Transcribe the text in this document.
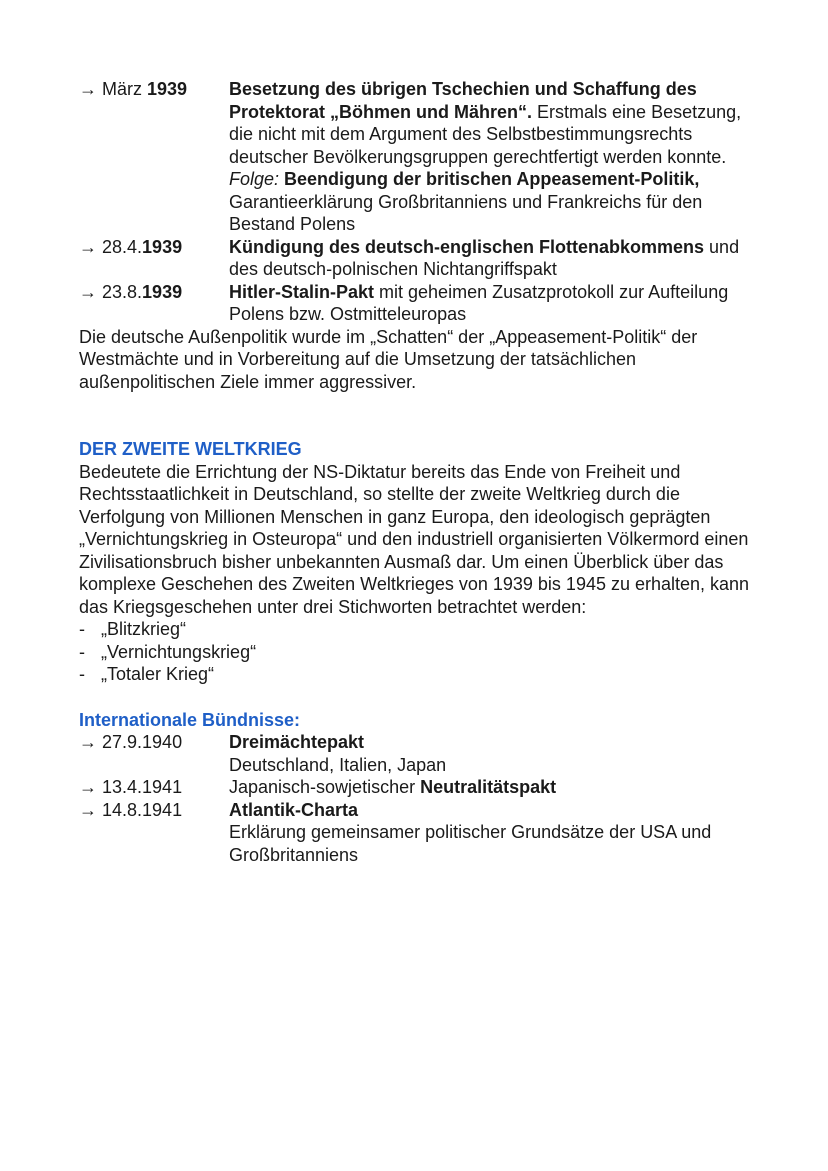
→ März 1939	Besetzung des übrigen Tschechien und Schaffung des Protektorat „Böhmen und Mähren“. Erstmals eine Besetzung, die nicht mit dem Argument des Selbstbestimmungsrechts deutscher Bevölkerungsgruppen gerechtfertigt werden konnte.
Folge: Beendigung der britischen Appeasement-Politik, Garantieerklärung Großbritanniens und Frankreichs für den Bestand Polens
→ 28.4.1939	Kündigung des deutsch-englischen Flottenabkommens und des deutsch-polnischen Nichtangriffspakt
→ 23.8.1939	Hitler-Stalin-Pakt mit geheimen Zusatzprotokoll zur Aufteilung Polens bzw. Ostmitteleuropas

Die deutsche Außenpolitik wurde im „Schatten“ der „Appeasement-Politik“ der Westmächte und in Vorbereitung auf die Umsetzung der tatsächlichen außenpolitischen Ziele immer aggressiver.

DER ZWEITE WELTKRIEG

Bedeutete die Errichtung der NS-Diktatur bereits das Ende von Freiheit und Rechtsstaatlichkeit in Deutschland, so stellte der zweite Weltkrieg durch die Verfolgung von Millionen Menschen in ganz Europa, den ideologisch geprägten „Vernichtungskrieg in Osteuropa“ und den industriell organisierten Völkermord einen Zivilisationsbruch bisher unbekannten Ausmaß dar. Um einen Überblick über das komplexe Geschehen des Zweiten Weltkrieges von 1939 bis 1945 zu erhalten, kann das Kriegsgeschehen unter drei Stichworten betrachtet werden:

- „Blitzkrieg“
- „Vernichtungskrieg“
- „Totaler Krieg“
Internationale Bündnisse:
→ 27.9.1940	Dreimächtepakt
Deutschland, Italien, Japan
→ 13.4.1941	Japanisch-sowjetischer Neutralitätspakt
→ 14.8.1941	Atlantik-Charta
Erklärung gemeinsamer politischer Grundsätze der USA und Großbritanniens
